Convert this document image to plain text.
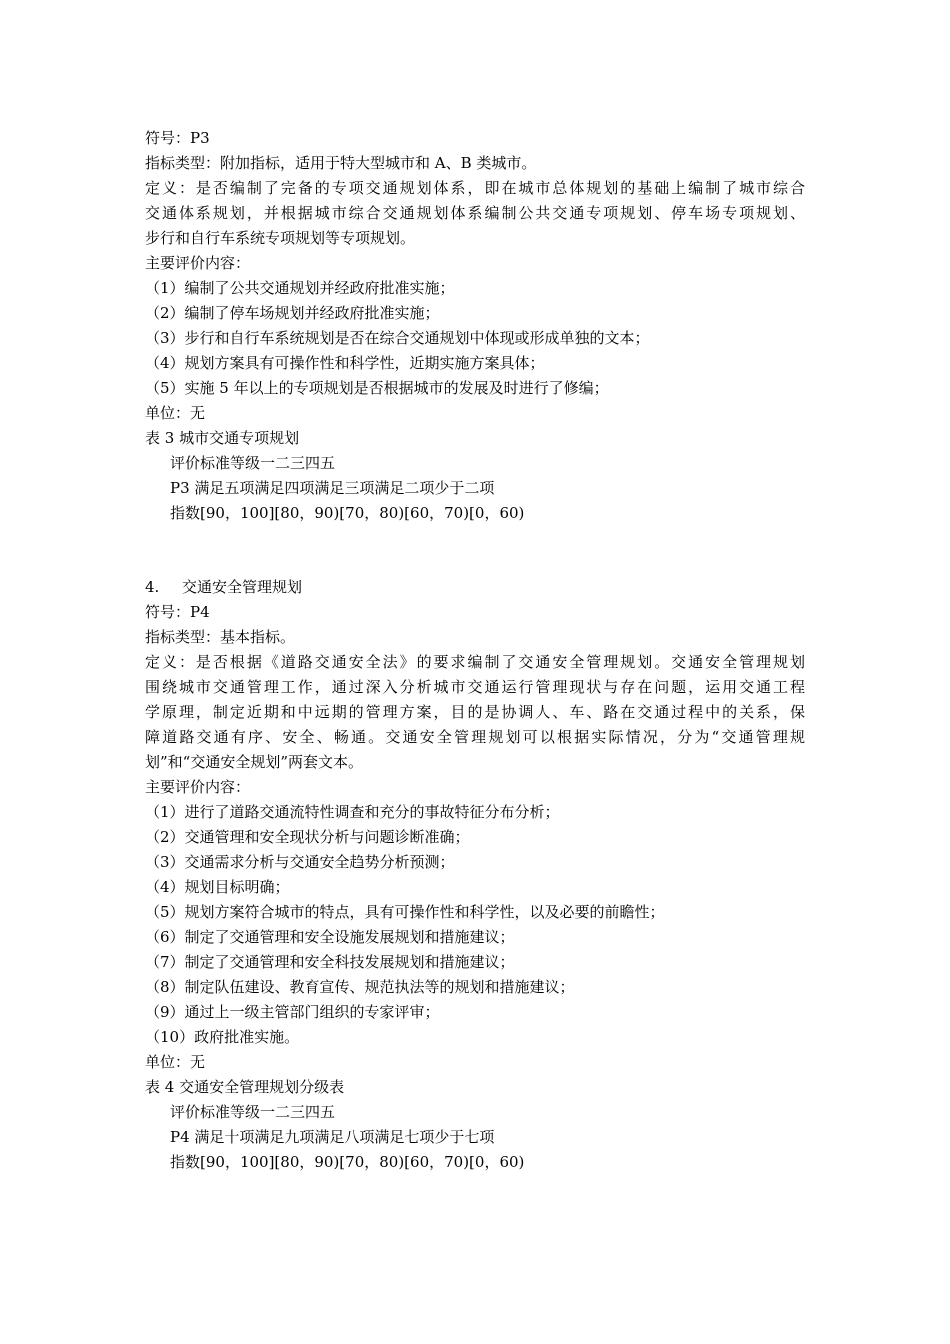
符号：P3
指标类型：附加指标，适用于特大型城市和 A、B 类城市。
定义：是否编制了完备的专项交通规划体系，即在城市总体规划的基础上编制了城市综合
交通体系规划，并根据城市综合交通规划体系编制公共交通专项规划、停车场专项规划、
步行和自行车系统专项规划等专项规划。
主要评价内容：
（1）编制了公共交通规划并经政府批准实施；
（2）编制了停车场规划并经政府批准实施；
（3）步行和自行车系统规划是否在综合交通规划中体现或形成单独的文本；
（4）规划方案具有可操作性和科学性，近期实施方案具体；
（5）实施 5 年以上的专项规划是否根据城市的发展及时进行了修编；
单位：无
表 3 城市交通专项规划
评价标准等级一二三四五
P3 满足五项满足四项满足三项满足二项少于二项
指数[90，100][80，90)[70，80)[60，70)[0，60)
4. 交通安全管理规划
符号：P4
指标类型：基本指标。
定义：是否根据《道路交通安全法》的要求编制了交通安全管理规划。交通安全管理规划
围绕城市交通管理工作，通过深入分析城市交通运行管理现状与存在问题，运用交通工程
学原理，制定近期和中远期的管理方案，目的是协调人、车、路在交通过程中的关系，保
障道路交通有序、安全、畅通。交通安全管理规划可以根据实际情况，分为“交通管理规
划”和“交通安全规划”两套文本。
主要评价内容：
（1）进行了道路交通流特性调查和充分的事故特征分布分析；
（2）交通管理和安全现状分析与问题诊断准确；
（3）交通需求分析与交通安全趋势分析预测；
（4）规划目标明确；
（5）规划方案符合城市的特点，具有可操作性和科学性，以及必要的前瞻性；
（6）制定了交通管理和安全设施发展规划和措施建议；
（7）制定了交通管理和安全科技发展规划和措施建议；
（8）制定队伍建设、教育宣传、规范执法等的规划和措施建议；
（9）通过上一级主管部门组织的专家评审；
（10）政府批准实施。
单位：无
表 4 交通安全管理规划分级表
评价标准等级一二三四五
P4 满足十项满足九项满足八项满足七项少于七项
指数[90，100][80，90)[70，80)[60，70)[0，60)
